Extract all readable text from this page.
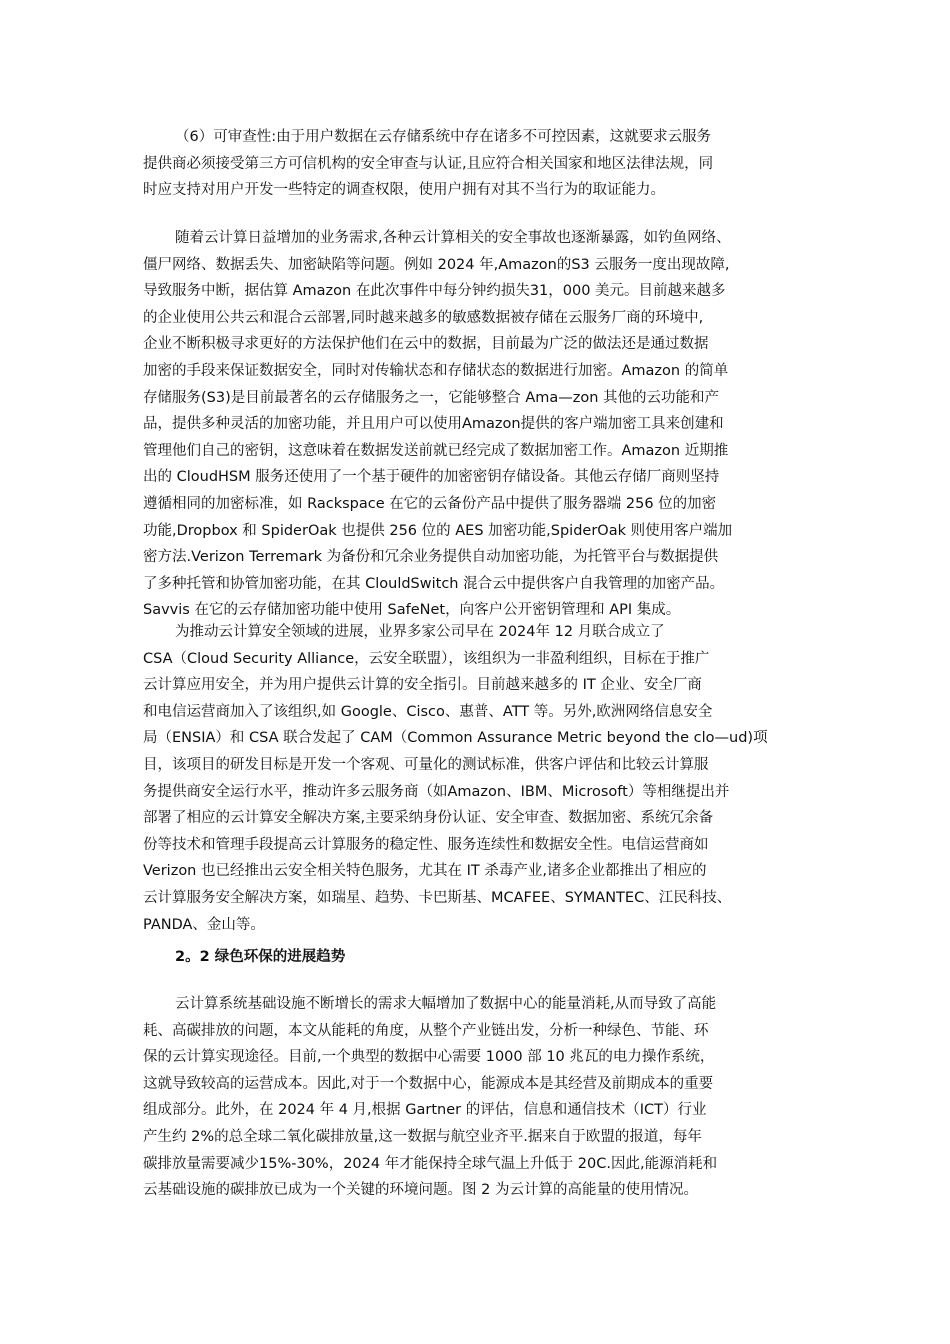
（6）可审查性:由于用户数据在云存储系统中存在诸多不可控因素，这就要求云服务
提供商必须接受第三方可信机构的安全审查与认证,且应符合相关国家和地区法律法规，同
时应支持对用户开发一些特定的调查权限，使用户拥有对其不当行为的取证能力。
随着云计算日益增加的业务需求,各种云计算相关的安全事故也逐渐暴露，如钓鱼网络、
僵尸网络、数据丢失、加密缺陷等问题。例如 2024 年,Amazon的S3 云服务一度出现故障,
导致服务中断，据估算 Amazon 在此次事件中每分钟约损失31，000 美元。目前越来越多
的企业使用公共云和混合云部署,同时越来越多的敏感数据被存储在云服务厂商的环境中,
企业不断积极寻求更好的方法保护他们在云中的数据，目前最为广泛的做法还是通过数据
加密的手段来保证数据安全，同时对传输状态和存储状态的数据进行加密。Amazon 的简单
存储服务(S3)是目前最著名的云存储服务之一，它能够整合 Ama—zon 其他的云功能和产
品，提供多种灵活的加密功能，并且用户可以使用Amazon提供的客户端加密工具来创建和
管理他们自己的密钥，这意味着在数据发送前就已经完成了数据加密工作。Amazon 近期推
出的 CloudHSM 服务还使用了一个基于硬件的加密密钥存储设备。其他云存储厂商则坚持
遵循相同的加密标准，如 Rackspace 在它的云备份产品中提供了服务器端 256 位的加密
功能,Dropbox 和 SpiderOak 也提供 256 位的 AES 加密功能,SpiderOak 则使用客户端加
密方法.Verizon Terremark 为备份和冗余业务提供自动加密功能，为托管平台与数据提供
了多种托管和协管加密功能，在其 ClouldSwitch 混合云中提供客户自我管理的加密产品。
Savvis 在它的云存储加密功能中使用 SafeNet，向客户公开密钥管理和 API 集成。
为推动云计算安全领域的进展，业界多家公司早在 2024年 12 月联合成立了
CSA（Cloud Security Alliance，云安全联盟），该组织为一非盈利组织，目标在于推广
云计算应用安全，并为用户提供云计算的安全指引。目前越来越多的 IT 企业、安全厂商
和电信运营商加入了该组织,如 Google、Cisco、惠普、ATT 等。另外,欧洲网络信息安全
局（ENSIA）和 CSA 联合发起了 CAM（Common Assurance Metric beyond the clo—ud)项
目，该项目的研发目标是开发一个客观、可量化的测试标准，供客户评估和比较云计算服
务提供商安全运行水平，推动许多云服务商（如Amazon、IBM、Microsoft）等相继提出并
部署了相应的云计算安全解决方案,主要采纳身份认证、安全审查、数据加密、系统冗余备
份等技术和管理手段提高云计算服务的稳定性、服务连续性和数据安全性。电信运营商如
Verizon 也已经推出云安全相关特色服务，尤其在 IT 杀毒产业,诸多企业都推出了相应的
云计算服务安全解决方案，如瑞星、趋势、卡巴斯基、MCAFEE、SYMANTEC、江民科技、
PANDA、金山等。
2。2 绿色环保的进展趋势
云计算系统基础设施不断增长的需求大幅增加了数据中心的能量消耗,从而导致了高能
耗、高碳排放的问题，本文从能耗的角度，从整个产业链出发，分析一种绿色、节能、环
保的云计算实现途径。目前,一个典型的数据中心需要 1000 部 10 兆瓦的电力操作系统，
这就导致较高的运营成本。因此,对于一个数据中心，能源成本是其经营及前期成本的重要
组成部分。此外，在 2024 年 4 月,根据 Gartner 的评估，信息和通信技术（ICT）行业
产生约 2%的总全球二氧化碳排放量,这一数据与航空业齐平.据来自于欧盟的报道，每年
碳排放量需要减少15%-30%，2024 年才能保持全球气温上升低于 20C.因此,能源消耗和
云基础设施的碳排放已成为一个关键的环境问题。图 2 为云计算的高能量的使用情况。
